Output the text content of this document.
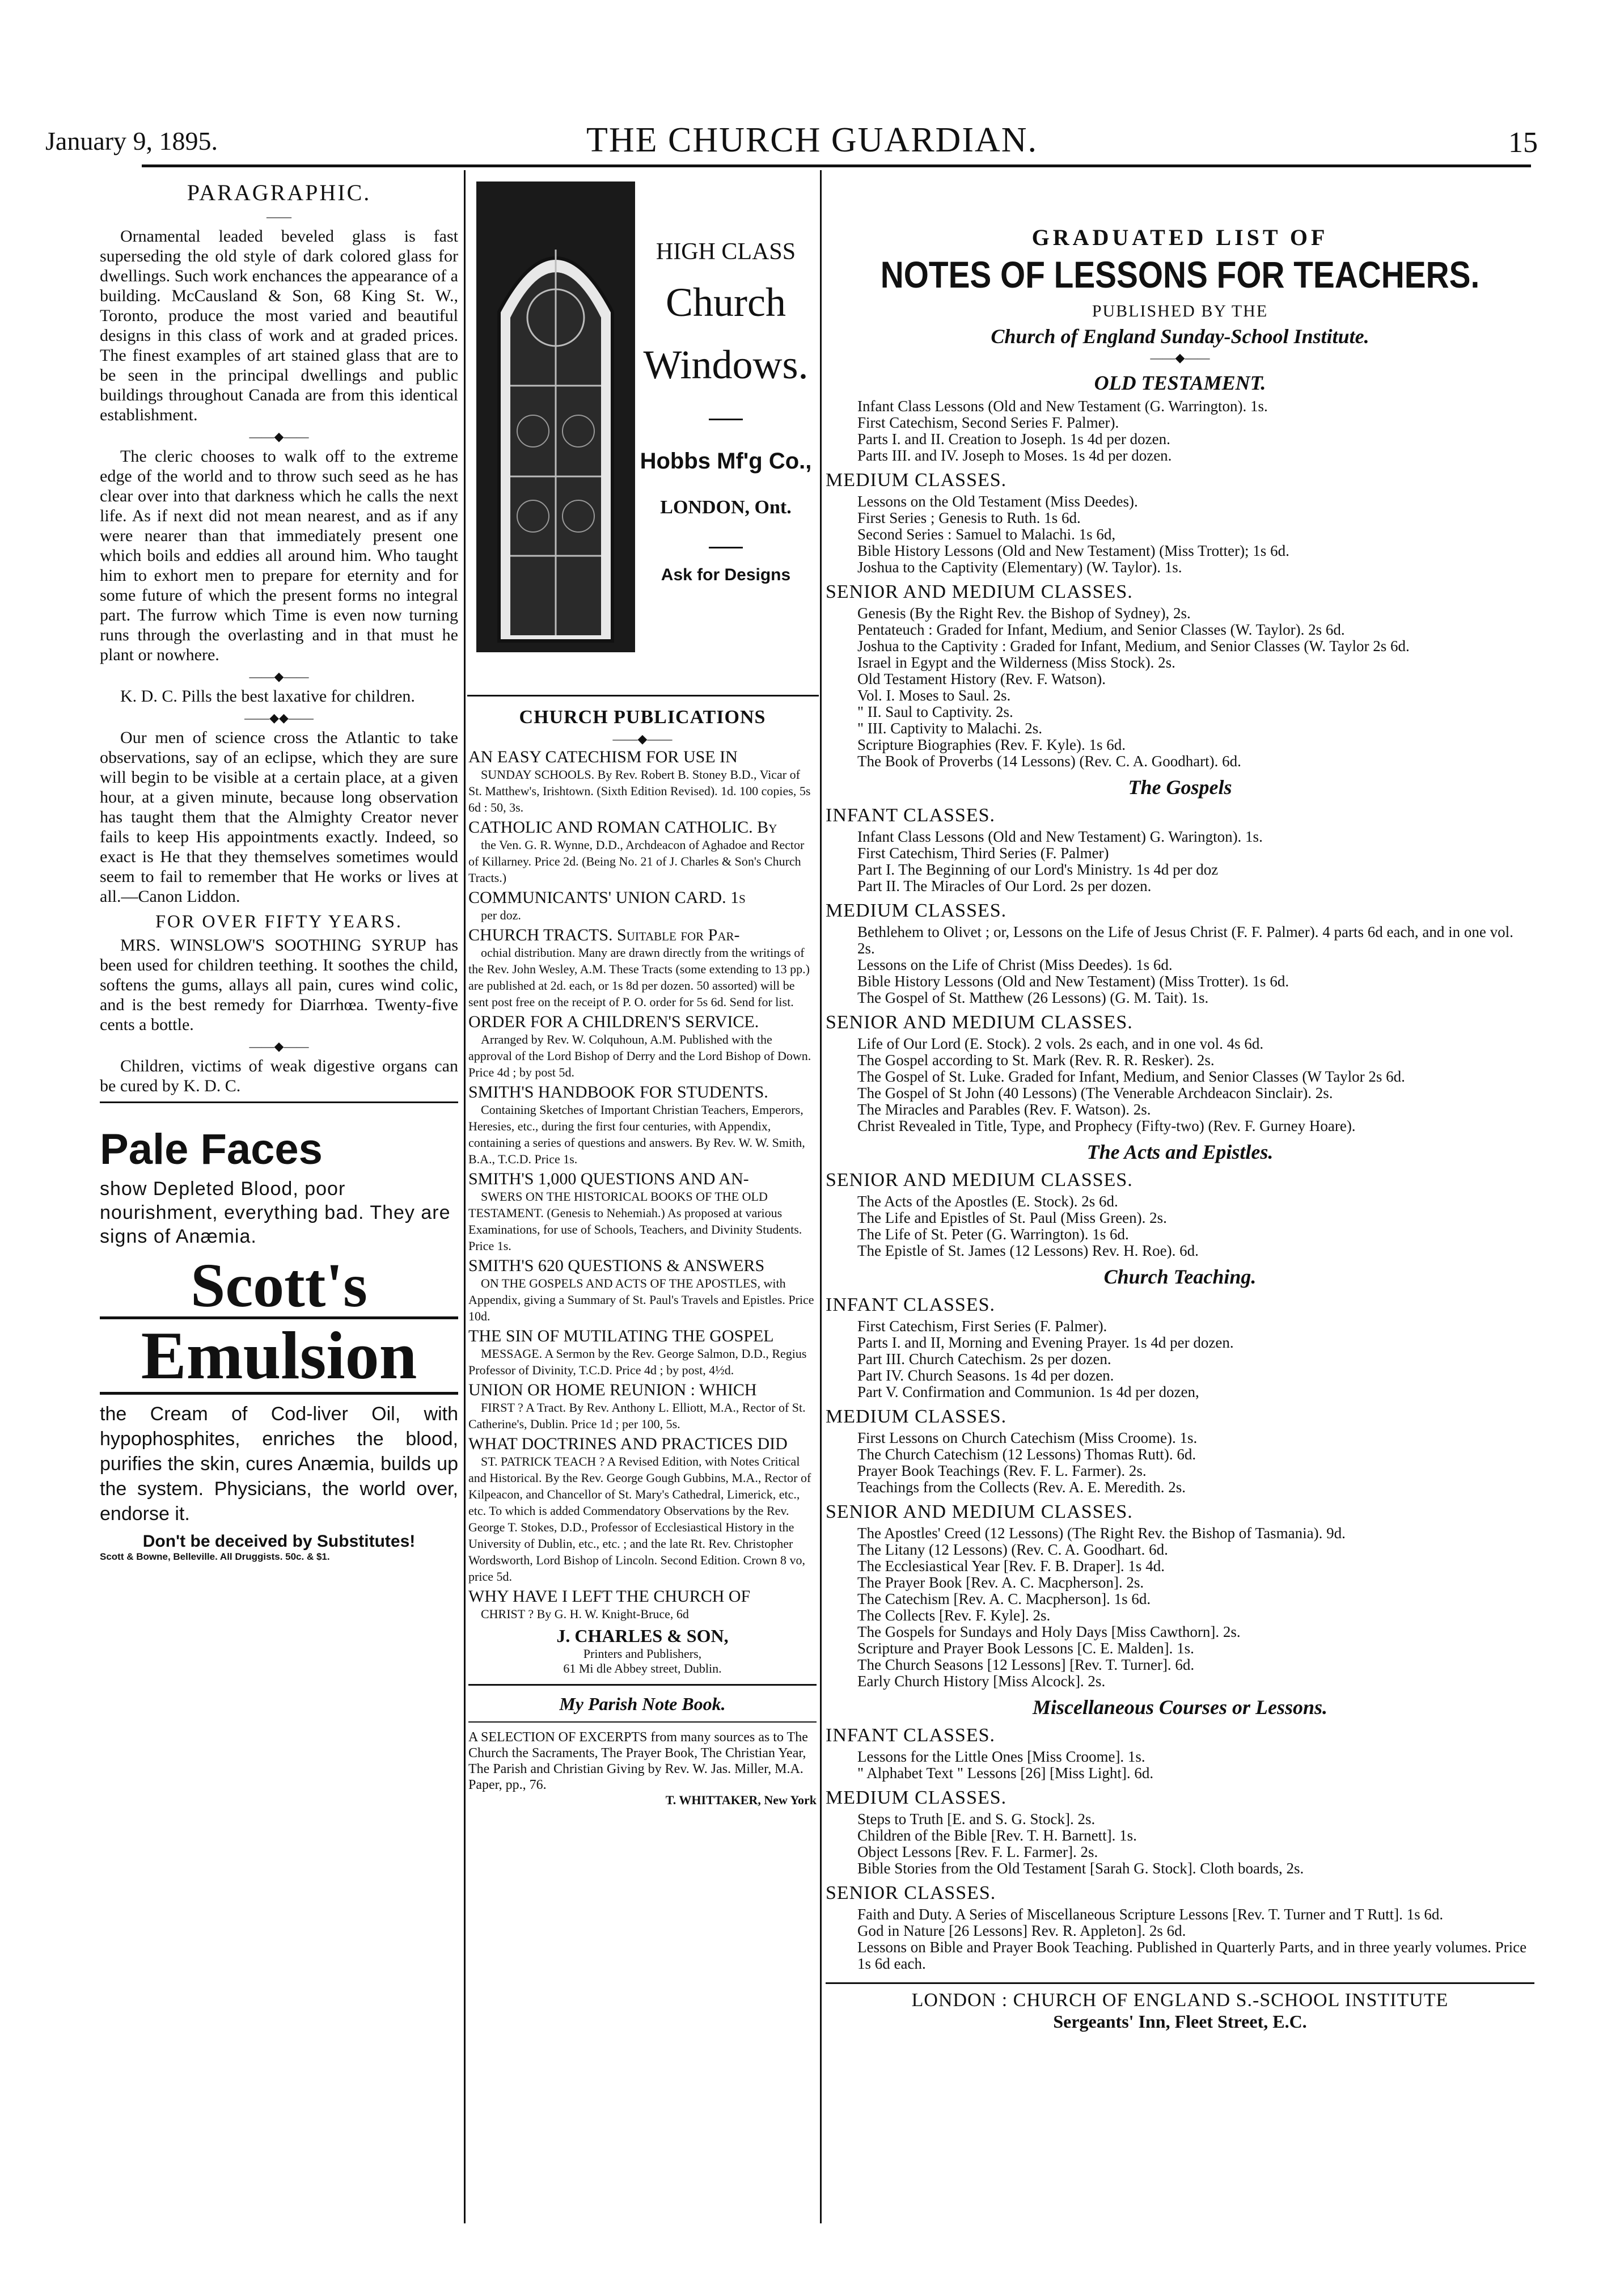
January 9, 1895.	THE CHURCH GUARDIAN.	15
PARAGRAPHIC.
——

Ornamental leaded beveled glass is fast superseding the old style of dark colored glass for dwellings. Such work enchances the appearance of a building. McCausland & Son, 68 King St. W., Toronto, produce the most varied and beautiful designs in this class of work and at graded prices. The finest examples of art stained glass that are to be seen in the principal dwellings and public buildings throughout Canada are from this identical establishment.

——◆——

The cleric chooses to walk off to the extreme edge of the world and to throw such seed as he has clear over into that darkness which he calls the next life. As if next did not mean nearest, and as if any were nearer than that immediately present one which boils and eddies all around him. Who taught him to exhort men to prepare for eternity and for some future of which the present forms no integral part. The furrow which Time is even now turning runs through the overlasting and in that must he plant or nowhere.

——◆——

K. D. C. Pills the best laxative for children.

——◆◆——

Our men of science cross the Atlantic to take observations, say of an eclipse, which they are sure will begin to be visible at a certain place, at a given hour, at a given minute, because long observation has taught them that the Almighty Creator never fails to keep His appointments exactly. Indeed, so exact is He that they themselves sometimes would seem to fail to remember that He works or lives at all.—Canon Liddon.

FOR OVER FIFTY YEARS.

MRS. WINSLOW'S SOOTHING SYRUP has been used for children teething. It soothes the child, softens the gums, allays all pain, cures wind colic, and is the best remedy for Diarrhœa. Twenty-five cents a bottle.

——◆——

Children, victims of weak digestive organs can be cured by K. D. C.

Pale Faces
show Depleted Blood, poor nourishment, everything bad. They are signs of Anæmia.
Scott's
Emulsion
the Cream of Cod-liver Oil, with hypophosphites, enriches the blood, purifies the skin, cures Anæmia, builds up the system. Physicians, the world over, endorse it.
Don't be deceived by Substitutes!
Scott & Bowne, Belleville. All Druggists. 50c. & $1.
HIGH CLASS
Church
Windows.
Hobbs Mf'g Co.,
LONDON, Ont.
Ask for Designs
CHURCH PUBLICATIONS
——◆——

AN EASY CATECHISM FOR USE IN
SUNDAY SCHOOLS. By Rev. Robert B. Stoney B.D., Vicar of St. Matthew's, Irishtown. (Sixth Edition Revised). 1d. 100 copies, 5s 6d : 50, 3s.

CATHOLIC AND ROMAN CATHOLIC. By
the Ven. G. R. Wynne, D.D., Archdeacon of Aghadoe and Rector of Killarney. Price 2d. (Being No. 21 of J. Charles & Son's Church Tracts.)

COMMUNICANTS' UNION CARD. 1s
per doz.

CHURCH TRACTS. Suitable for Par-
ochial distribution. Many are drawn directly from the writings of the Rev. John Wesley, A.M. These Tracts (some extending to 13 pp.) are published at 2d. each, or 1s 8d per dozen. 50 assorted) will be sent post free on the receipt of P. O. order for 5s 6d. Send for list.

ORDER FOR A CHILDREN'S SERVICE.
Arranged by Rev. W. Colquhoun, A.M. Published with the approval of the Lord Bishop of Derry and the Lord Bishop of Down. Price 4d ; by post 5d.

SMITH'S HANDBOOK FOR STUDENTS.
Containing Sketches of Important Christian Teachers, Emperors, Heresies, etc., during the first four centuries, with Appendix, containing a series of questions and answers. By Rev. W. W. Smith, B.A., T.C.D. Price 1s.

SMITH'S 1,000 QUESTIONS AND AN-
SWERS ON THE HISTORICAL BOOKS OF THE OLD TESTAMENT. (Genesis to Nehemiah.) As proposed at various Examinations, for use of Schools, Teachers, and Divinity Students. Price 1s.

SMITH'S 620 QUESTIONS & ANSWERS
ON THE GOSPELS AND ACTS OF THE APOSTLES, with Appendix, giving a Summary of St. Paul's Travels and Epistles. Price 10d.

THE SIN OF MUTILATING THE GOSPEL
MESSAGE. A Sermon by the Rev. George Salmon, D.D., Regius Professor of Divinity, T.C.D. Price 4d ; by post, 4½d.

UNION OR HOME REUNION : WHICH
FIRST ? A Tract. By Rev. Anthony L. Elliott, M.A., Rector of St. Catherine's, Dublin. Price 1d ; per 100, 5s.

WHAT DOCTRINES AND PRACTICES DID
ST. PATRICK TEACH ? A Revised Edition, with Notes Critical and Historical. By the Rev. George Gough Gubbins, M.A., Rector of Kilpeacon, and Chancellor of St. Mary's Cathedral, Limerick, etc., etc. To which is added Commendatory Observations by the Rev. George T. Stokes, D.D., Professor of Ecclesiastical History in the University of Dublin, etc., etc. ; and the late Rt. Rev. Christopher Wordsworth, Lord Bishop of Lincoln. Second Edition. Crown 8 vo, price 5d.

WHY HAVE I LEFT THE CHURCH OF
CHRIST ? By G. H. W. Knight-Bruce, 6d

J. CHARLES & SON,
Printers and Publishers,
61 Mi dle Abbey street, Dublin.
My Parish Note Book.
A SELECTION OF EXCERPTS from many sources as to The Church the Sacraments, The Prayer Book, The Christian Year, The Parish and Christian Giving by Rev. W. Jas. Miller, M.A. Paper, pp., 76.
T. WHITTAKER, New York
GRADUATED LIST OF
NOTES OF LESSONS FOR TEACHERS.
PUBLISHED BY THE
Church of England Sunday-School Institute.
——◆——
OLD TESTAMENT.

Infant Class Lessons (Old and New Testament (G. Warrington). 1s.

First Catechism, Second Series F. Palmer).

Parts I. and II. Creation to Joseph. 1s 4d per dozen.

Parts III. and IV. Joseph to Moses. 1s 4d per dozen.

MEDIUM CLASSES.

Lessons on the Old Testament (Miss Deedes).

First Series ; Genesis to Ruth. 1s 6d.

Second Series : Samuel to Malachi. 1s 6d,

Bible History Lessons (Old and New Testament) (Miss Trotter); 1s 6d.

Joshua to the Captivity (Elementary) (W. Taylor). 1s.

SENIOR AND MEDIUM CLASSES.

Genesis (By the Right Rev. the Bishop of Sydney), 2s.

Pentateuch : Graded for Infant, Medium, and Senior Classes (W. Taylor). 2s 6d.

Joshua to the Captivity : Graded for Infant, Medium, and Senior Classes (W. Taylor 2s 6d.

Israel in Egypt and the Wilderness (Miss Stock). 2s.

Old Testament History (Rev. F. Watson).

Vol. I. Moses to Saul. 2s.

" II. Saul to Captivity. 2s.

" III. Captivity to Malachi. 2s.

Scripture Biographies (Rev. F. Kyle). 1s 6d.

The Book of Proverbs (14 Lessons) (Rev. C. A. Goodhart). 6d.

The Gospels
INFANT CLASSES.

Infant Class Lessons (Old and New Testament) G. Warington). 1s.

First Catechism, Third Series (F. Palmer)

Part I. The Beginning of our Lord's Ministry. 1s 4d per doz

Part II. The Miracles of Our Lord. 2s per dozen.

MEDIUM CLASSES.

Bethlehem to Olivet ; or, Lessons on the Life of Jesus Christ (F. F. Palmer). 4 parts 6d each, and in one vol. 2s.

Lessons on the Life of Christ (Miss Deedes). 1s 6d.

Bible History Lessons (Old and New Testament) (Miss Trotter). 1s 6d.

The Gospel of St. Matthew (26 Lessons) (G. M. Tait). 1s.

SENIOR AND MEDIUM CLASSES.

Life of Our Lord (E. Stock). 2 vols. 2s each, and in one vol. 4s 6d.

The Gospel according to St. Mark (Rev. R. R. Resker). 2s.

The Gospel of St. Luke. Graded for Infant, Medium, and Senior Classes (W Taylor 2s 6d.

The Gospel of St John (40 Lessons) (The Venerable Archdeacon Sinclair). 2s.

The Miracles and Parables (Rev. F. Watson). 2s.

Christ Revealed in Title, Type, and Prophecy (Fifty-two) (Rev. F. Gurney Hoare).

The Acts and Epistles.
SENIOR AND MEDIUM CLASSES.

The Acts of the Apostles (E. Stock). 2s 6d.

The Life and Epistles of St. Paul (Miss Green). 2s.

The Life of St. Peter (G. Warrington). 1s 6d.

The Epistle of St. James (12 Lessons) Rev. H. Roe). 6d.

Church Teaching.
INFANT CLASSES.

First Catechism, First Series (F. Palmer).

Parts I. and II, Morning and Evening Prayer. 1s 4d per dozen.

Part III. Church Catechism. 2s per dozen.

Part IV. Church Seasons. 1s 4d per dozen.

Part V. Confirmation and Communion. 1s 4d per dozen,

MEDIUM CLASSES.

First Lessons on Church Catechism (Miss Croome). 1s.

The Church Catechism (12 Lessons) Thomas Rutt). 6d.

Prayer Book Teachings (Rev. F. L. Farmer). 2s.

Teachings from the Collects (Rev. A. E. Meredith. 2s.

SENIOR AND MEDIUM CLASSES.

The Apostles' Creed (12 Lessons) (The Right Rev. the Bishop of Tasmania). 9d.

The Litany (12 Lessons) (Rev. C. A. Goodhart. 6d.

The Ecclesiastical Year [Rev. F. B. Draper]. 1s 4d.

The Prayer Book [Rev. A. C. Macpherson]. 2s.

The Catechism [Rev. A. C. Macpherson]. 1s 6d.

The Collects [Rev. F. Kyle]. 2s.

The Gospels for Sundays and Holy Days [Miss Cawthorn]. 2s.

Scripture and Prayer Book Lessons [C. E. Malden]. 1s.

The Church Seasons [12 Lessons] [Rev. T. Turner]. 6d.

Early Church History [Miss Alcock]. 2s.

Miscellaneous Courses or Lessons.
INFANT CLASSES.

Lessons for the Little Ones [Miss Croome]. 1s.

" Alphabet Text " Lessons [26] [Miss Light]. 6d.

MEDIUM CLASSES.

Steps to Truth [E. and S. G. Stock]. 2s.

Children of the Bible [Rev. T. H. Barnett]. 1s.

Object Lessons [Rev. F. L. Farmer]. 2s.

Bible Stories from the Old Testament [Sarah G. Stock]. Cloth boards, 2s.

SENIOR CLASSES.

Faith and Duty. A Series of Miscellaneous Scripture Lessons [Rev. T. Turner and T Rutt]. 1s 6d.

God in Nature [26 Lessons] Rev. R. Appleton]. 2s 6d.

Lessons on Bible and Prayer Book Teaching. Published in Quarterly Parts, and in three yearly volumes. Price 1s 6d each.

LONDON : CHURCH OF ENGLAND S.-SCHOOL INSTITUTE
Sergeants' Inn, Fleet Street, E.C.
